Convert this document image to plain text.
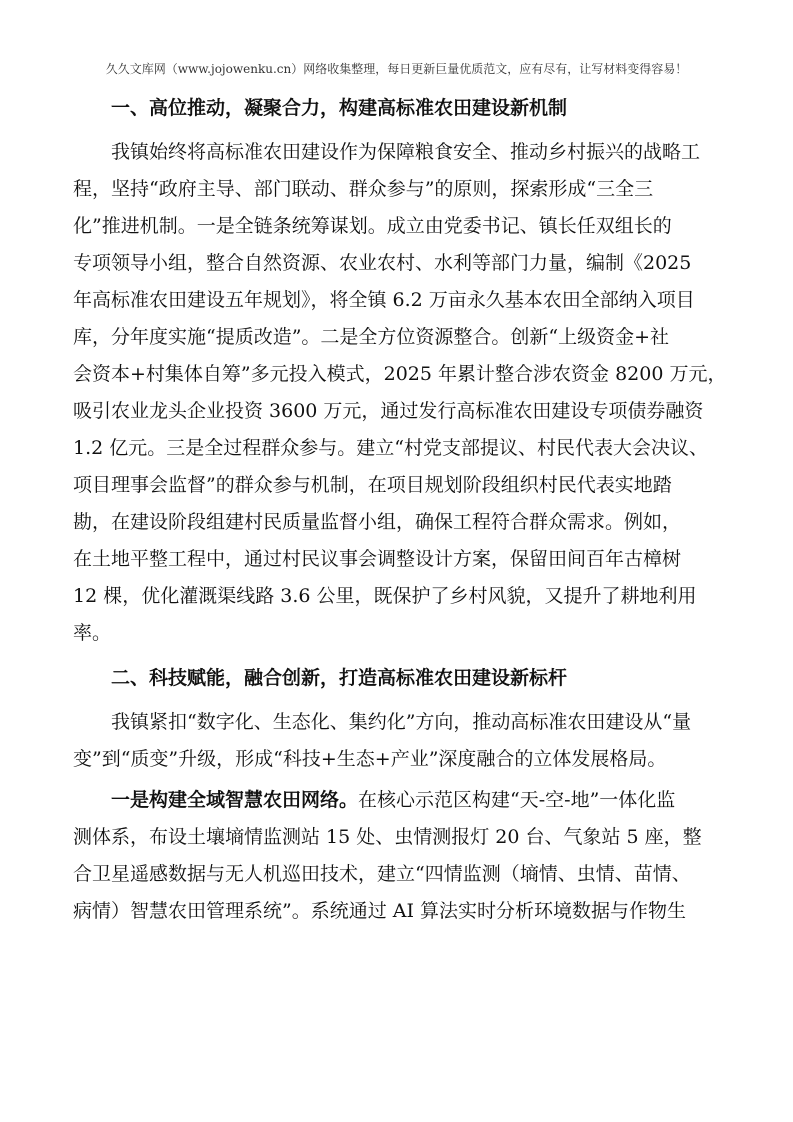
久久文库网（www.jojowenku.cn）网络收集整理，每日更新巨量优质范文，应有尽有，让写材料变得容易！
一、高位推动，凝聚合力，构建高标准农田建设新机制
我镇始终将高标准农田建设作为保障粮食安全、推动乡村振兴的战略工
程，坚持“政府主导、部门联动、群众参与”的原则，探索形成“三全三
化”推进机制。一是全链条统筹谋划。成立由党委书记、镇长任双组长的
专项领导小组，整合自然资源、农业农村、水利等部门力量，编制《2025
年高标准农田建设五年规划》，将全镇 6.2 万亩永久基本农田全部纳入项目
库，分年度实施“提质改造”。二是全方位资源整合。创新“上级资金+社
会资本+村集体自筹”多元投入模式，2025 年累计整合涉农资金 8200 万元，
吸引农业龙头企业投资 3600 万元，通过发行高标准农田建设专项债券融资
1.2 亿元。三是全过程群众参与。建立“村党支部提议、村民代表大会决议、
项目理事会监督”的群众参与机制，在项目规划阶段组织村民代表实地踏
勘，在建设阶段组建村民质量监督小组，确保工程符合群众需求。例如，
在土地平整工程中，通过村民议事会调整设计方案，保留田间百年古樟树
12 棵，优化灌溉渠线路 3.6 公里，既保护了乡村风貌，又提升了耕地利用
率。
二、科技赋能，融合创新，打造高标准农田建设新标杆
我镇紧扣“数字化、生态化、集约化”方向，推动高标准农田建设从“量
变”到“质变”升级，形成“科技+生态+产业”深度融合的立体发展格局。
一是构建全域智慧农田网络。在核心示范区构建“天-空-地”一体化监
测体系，布设土壤墒情监测站 15 处、虫情测报灯 20 台、气象站 5 座，整
合卫星遥感数据与无人机巡田技术，建立“四情监测（墒情、虫情、苗情、
病情）智慧农田管理系统”。系统通过 AI 算法实时分析环境数据与作物生
